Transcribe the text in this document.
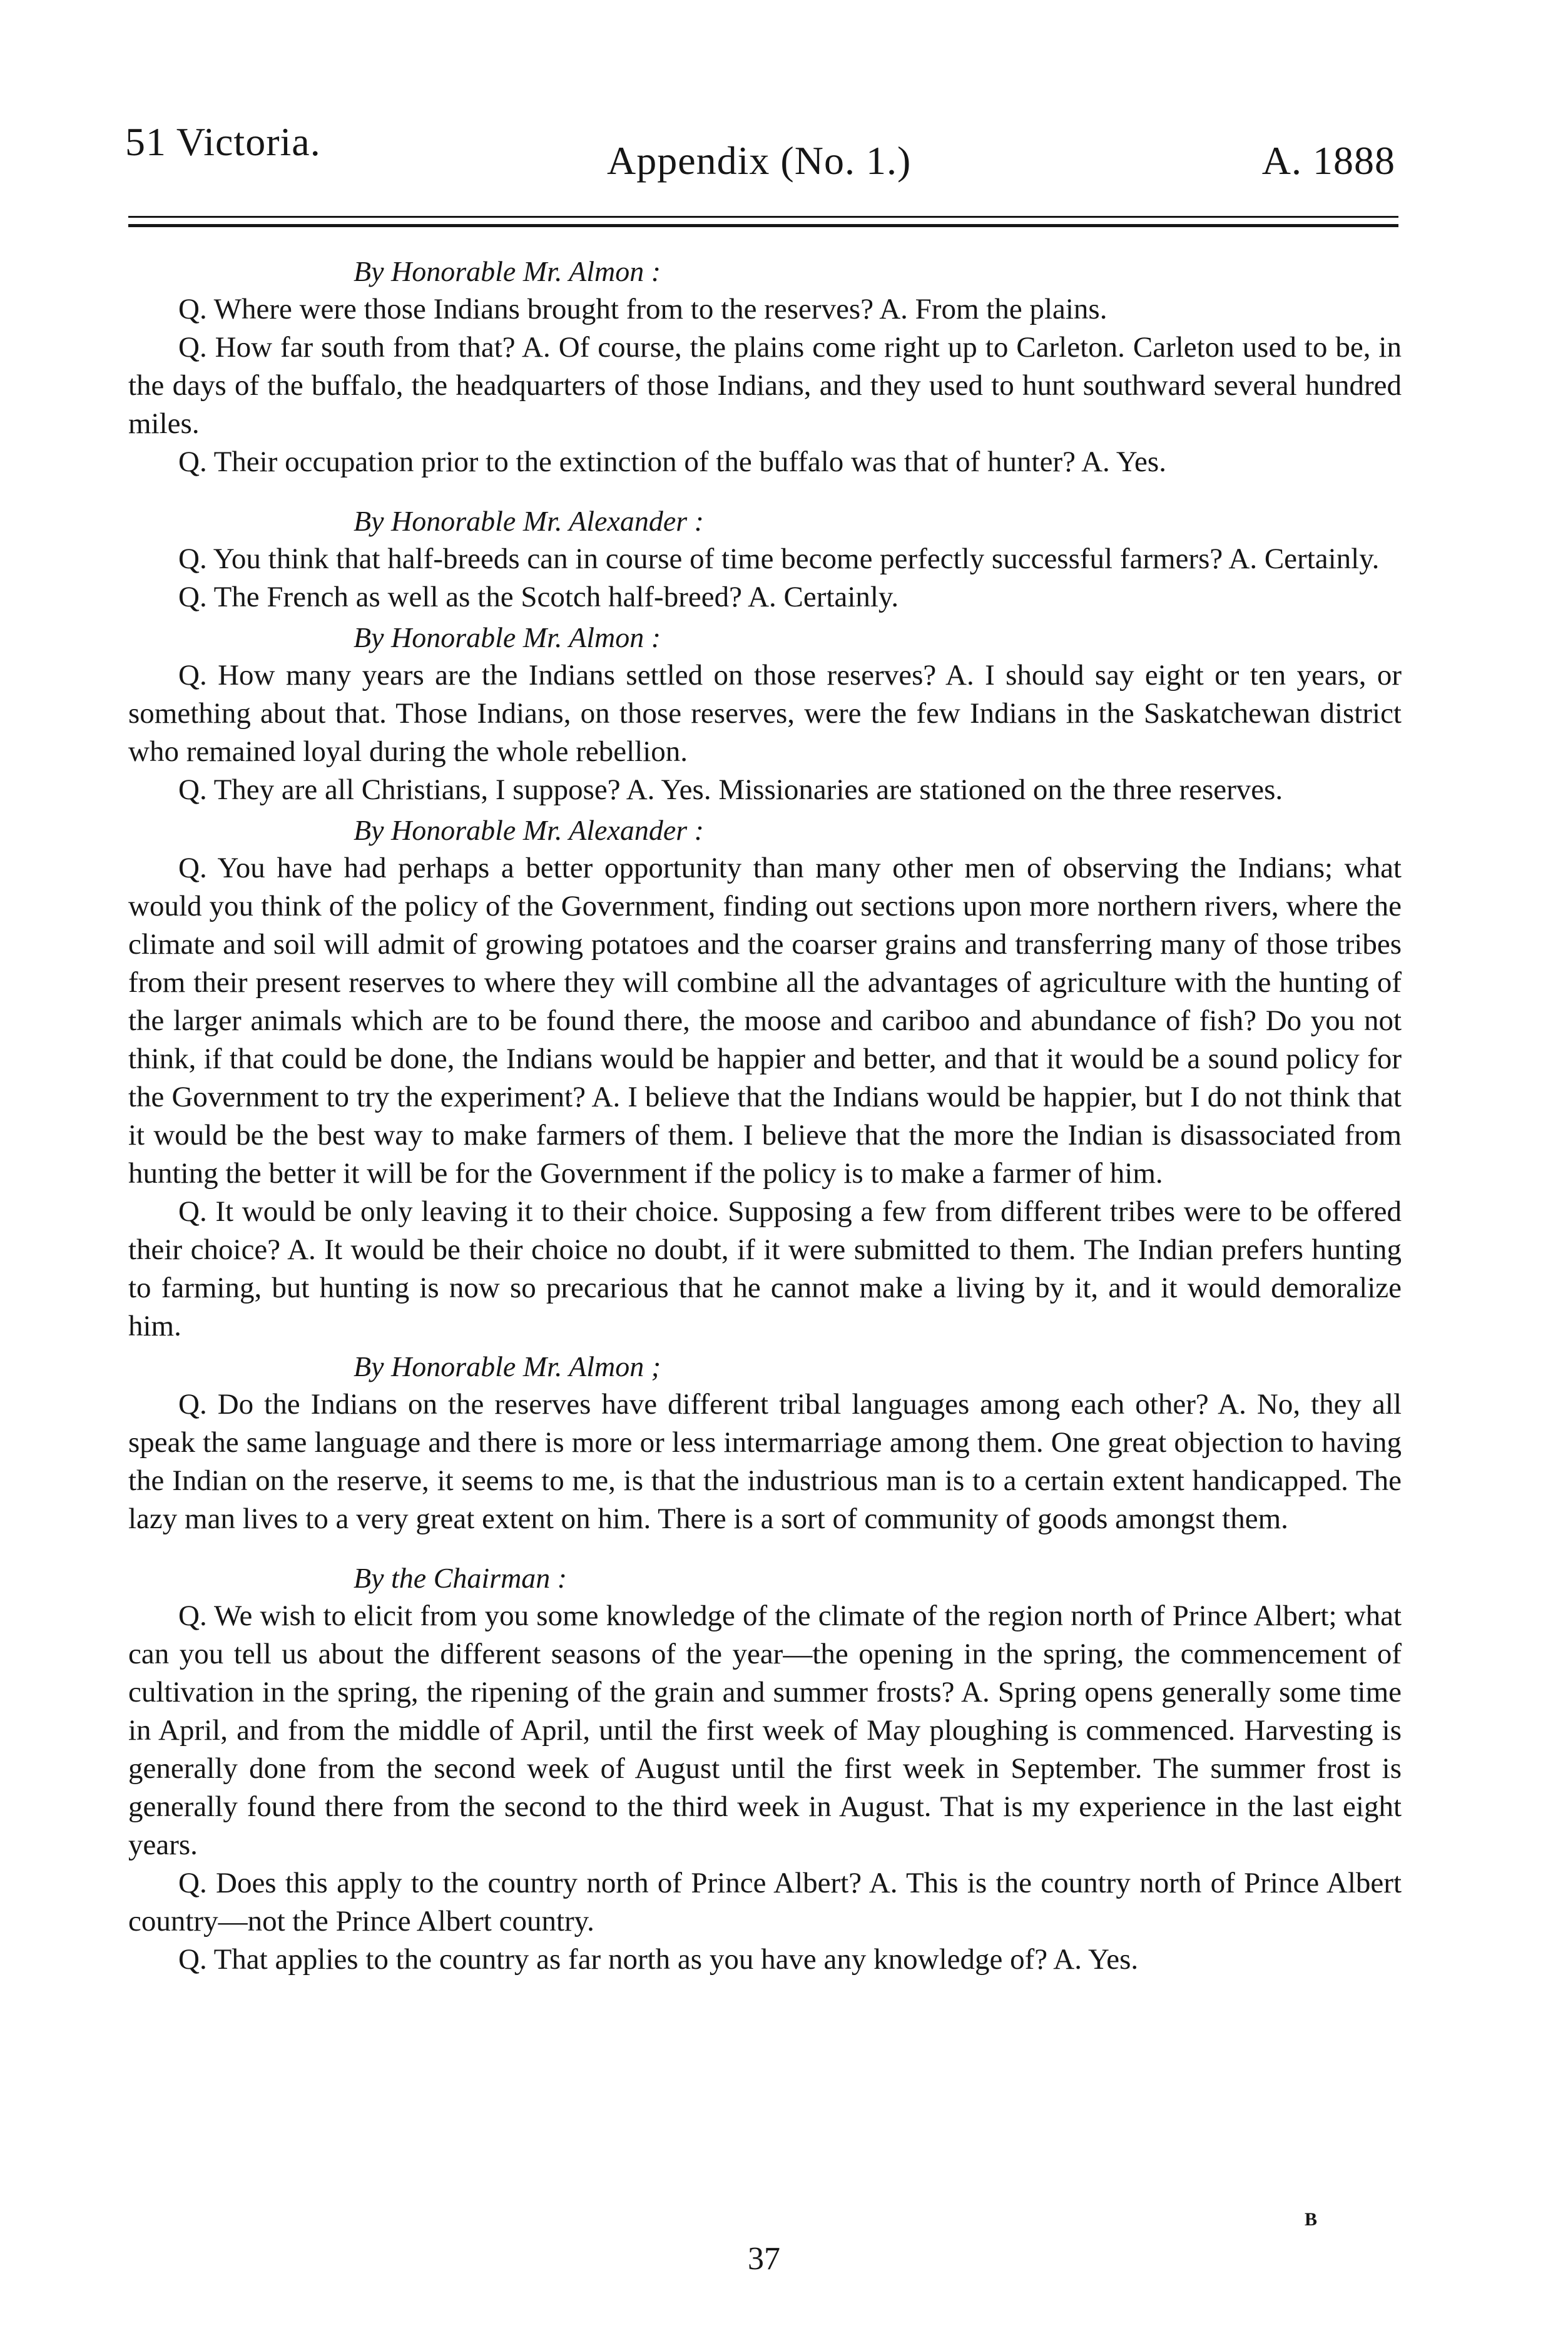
51 Victoria.	Appendix (No. 1.)	A. 1888
By Honorable Mr. Almon :

Q. Where were those Indians brought from to the reserves? A. From the plains.

Q. How far south from that? A. Of course, the plains come right up to Carleton. Carleton used to be, in the days of the buffalo, the headquarters of those Indians, and they used to hunt southward several hundred miles.

Q. Their occupation prior to the extinction of the buffalo was that of hunter? A. Yes.

By Honorable Mr. Alexander :

Q. You think that half-breeds can in course of time become perfectly successful farmers? A. Certainly.

Q. The French as well as the Scotch half-breed? A. Certainly.

By Honorable Mr. Almon :

Q. How many years are the Indians settled on those reserves? A. I should say eight or ten years, or something about that. Those Indians, on those reserves, were the few Indians in the Saskatchewan district who remained loyal during the whole rebellion.

Q. They are all Christians, I suppose? A. Yes. Missionaries are stationed on the three reserves.

By Honorable Mr. Alexander :

Q. You have had perhaps a better opportunity than many other men of observing the Indians; what would you think of the policy of the Government, finding out sections upon more northern rivers, where the climate and soil will admit of growing potatoes and the coarser grains and transferring many of those tribes from their present reserves to where they will combine all the advantages of agriculture with the hunting of the larger animals which are to be found there, the moose and cariboo and abundance of fish? Do you not think, if that could be done, the Indians would be happier and better, and that it would be a sound policy for the Government to try the experiment? A. I believe that the Indians would be happier, but I do not think that it would be the best way to make farmers of them. I believe that the more the Indian is disassociated from hunting the better it will be for the Government if the policy is to make a farmer of him.

Q. It would be only leaving it to their choice. Supposing a few from different tribes were to be offered their choice? A. It would be their choice no doubt, if it were submitted to them. The Indian prefers hunting to farming, but hunting is now so precarious that he cannot make a living by it, and it would demoralize him.

By Honorable Mr. Almon ;

Q. Do the Indians on the reserves have different tribal languages among each other? A. No, they all speak the same language and there is more or less intermarriage among them. One great objection to having the Indian on the reserve, it seems to me, is that the industrious man is to a certain extent handicapped. The lazy man lives to a very great extent on him. There is a sort of community of goods amongst them.

By the Chairman :

Q. We wish to elicit from you some knowledge of the climate of the region north of Prince Albert; what can you tell us about the different seasons of the year—the opening in the spring, the commencement of cultivation in the spring, the ripening of the grain and summer frosts? A. Spring opens generally some time in April, and from the middle of April, until the first week of May ploughing is commenced. Harvesting is generally done from the second week of August until the first week in September. The summer frost is generally found there from the second to the third week in August. That is my experience in the last eight years.

Q. Does this apply to the country north of Prince Albert? A. This is the country north of Prince Albert country—not the Prince Albert country.

Q. That applies to the country as far north as you have any knowledge of? A. Yes.

B
37
